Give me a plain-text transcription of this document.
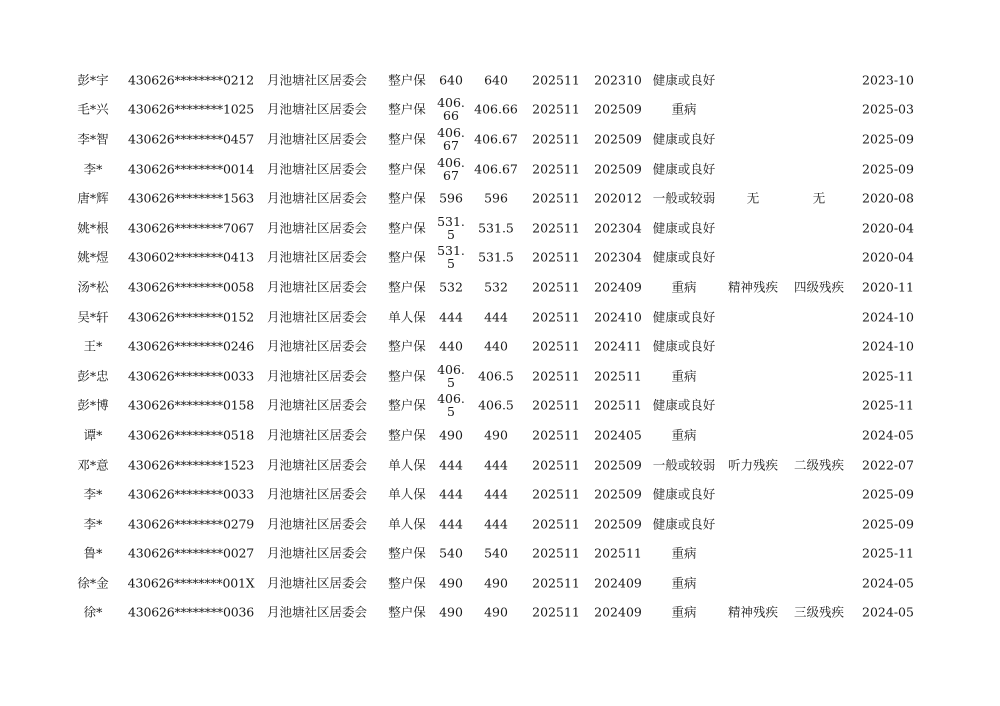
彭*宇 430626********0212 月池塘社区居委会 整户保	640	640 202511 202310 健康或良好	2023-10
毛*兴 430626********1025 月池塘社区居委会 整户保 406.66	406.66 202511 202509 重病	2025-03
李*智 430626********0457 月池塘社区居委会 整户保 406.67	406.67 202511 202509 健康或良好	2025-09
李* 430626********0014 月池塘社区居委会 整户保 406.67	406.67 202511 202509 健康或良好	2025-09
唐*辉 430626********1563 月池塘社区居委会 整户保	596	596 202511 202012 一般或较弱	无	无	2020-08
姚*根 430626********7067 月池塘社区居委会 整户保 531.5	531.5 202511 202304 健康或良好	2020-04
姚*煜 430602********0413 月池塘社区居委会 整户保 531.5	531.5 202511 202304 健康或良好	2020-04
汤*松 430626********0058 月池塘社区居委会 整户保	532	532 202511 202409 重病	精神残疾 四级残疾 2020-11
吴*轩 430626********0152 月池塘社区居委会 单人保	444	444 202511 202410 健康或良好	2024-10
王* 430626********0246 月池塘社区居委会 整户保	440	440 202511 202411 健康或良好	2024-10
彭*忠 430626********0033 月池塘社区居委会 整户保 406.5	406.5 202511 202511 重病	2025-11
彭*博 430626********0158 月池塘社区居委会 整户保 406.5	406.5 202511 202511 健康或良好	2025-11
谭* 430626********0518 月池塘社区居委会 整户保	490	490 202511 202405 重病	2024-05
邓*意 430626********1523 月池塘社区居委会 单人保	444	444 202511 202509 一般或较弱 听力残疾 二级残疾 2022-07
李* 430626********0033 月池塘社区居委会 单人保	444	444 202511 202509 健康或良好	2025-09
李* 430626********0279 月池塘社区居委会 单人保	444	444 202511 202509 健康或良好	2025-09
鲁* 430626********0027 月池塘社区居委会 整户保	540	540 202511 202511 重病	2025-11
徐*金 430626********001X 月池塘社区居委会 整户保	490	490 202511 202409 重病	2024-05
徐* 430626********0036 月池塘社区居委会 整户保	490	490 202511 202409 重病	精神残疾 三级残疾 2024-05
